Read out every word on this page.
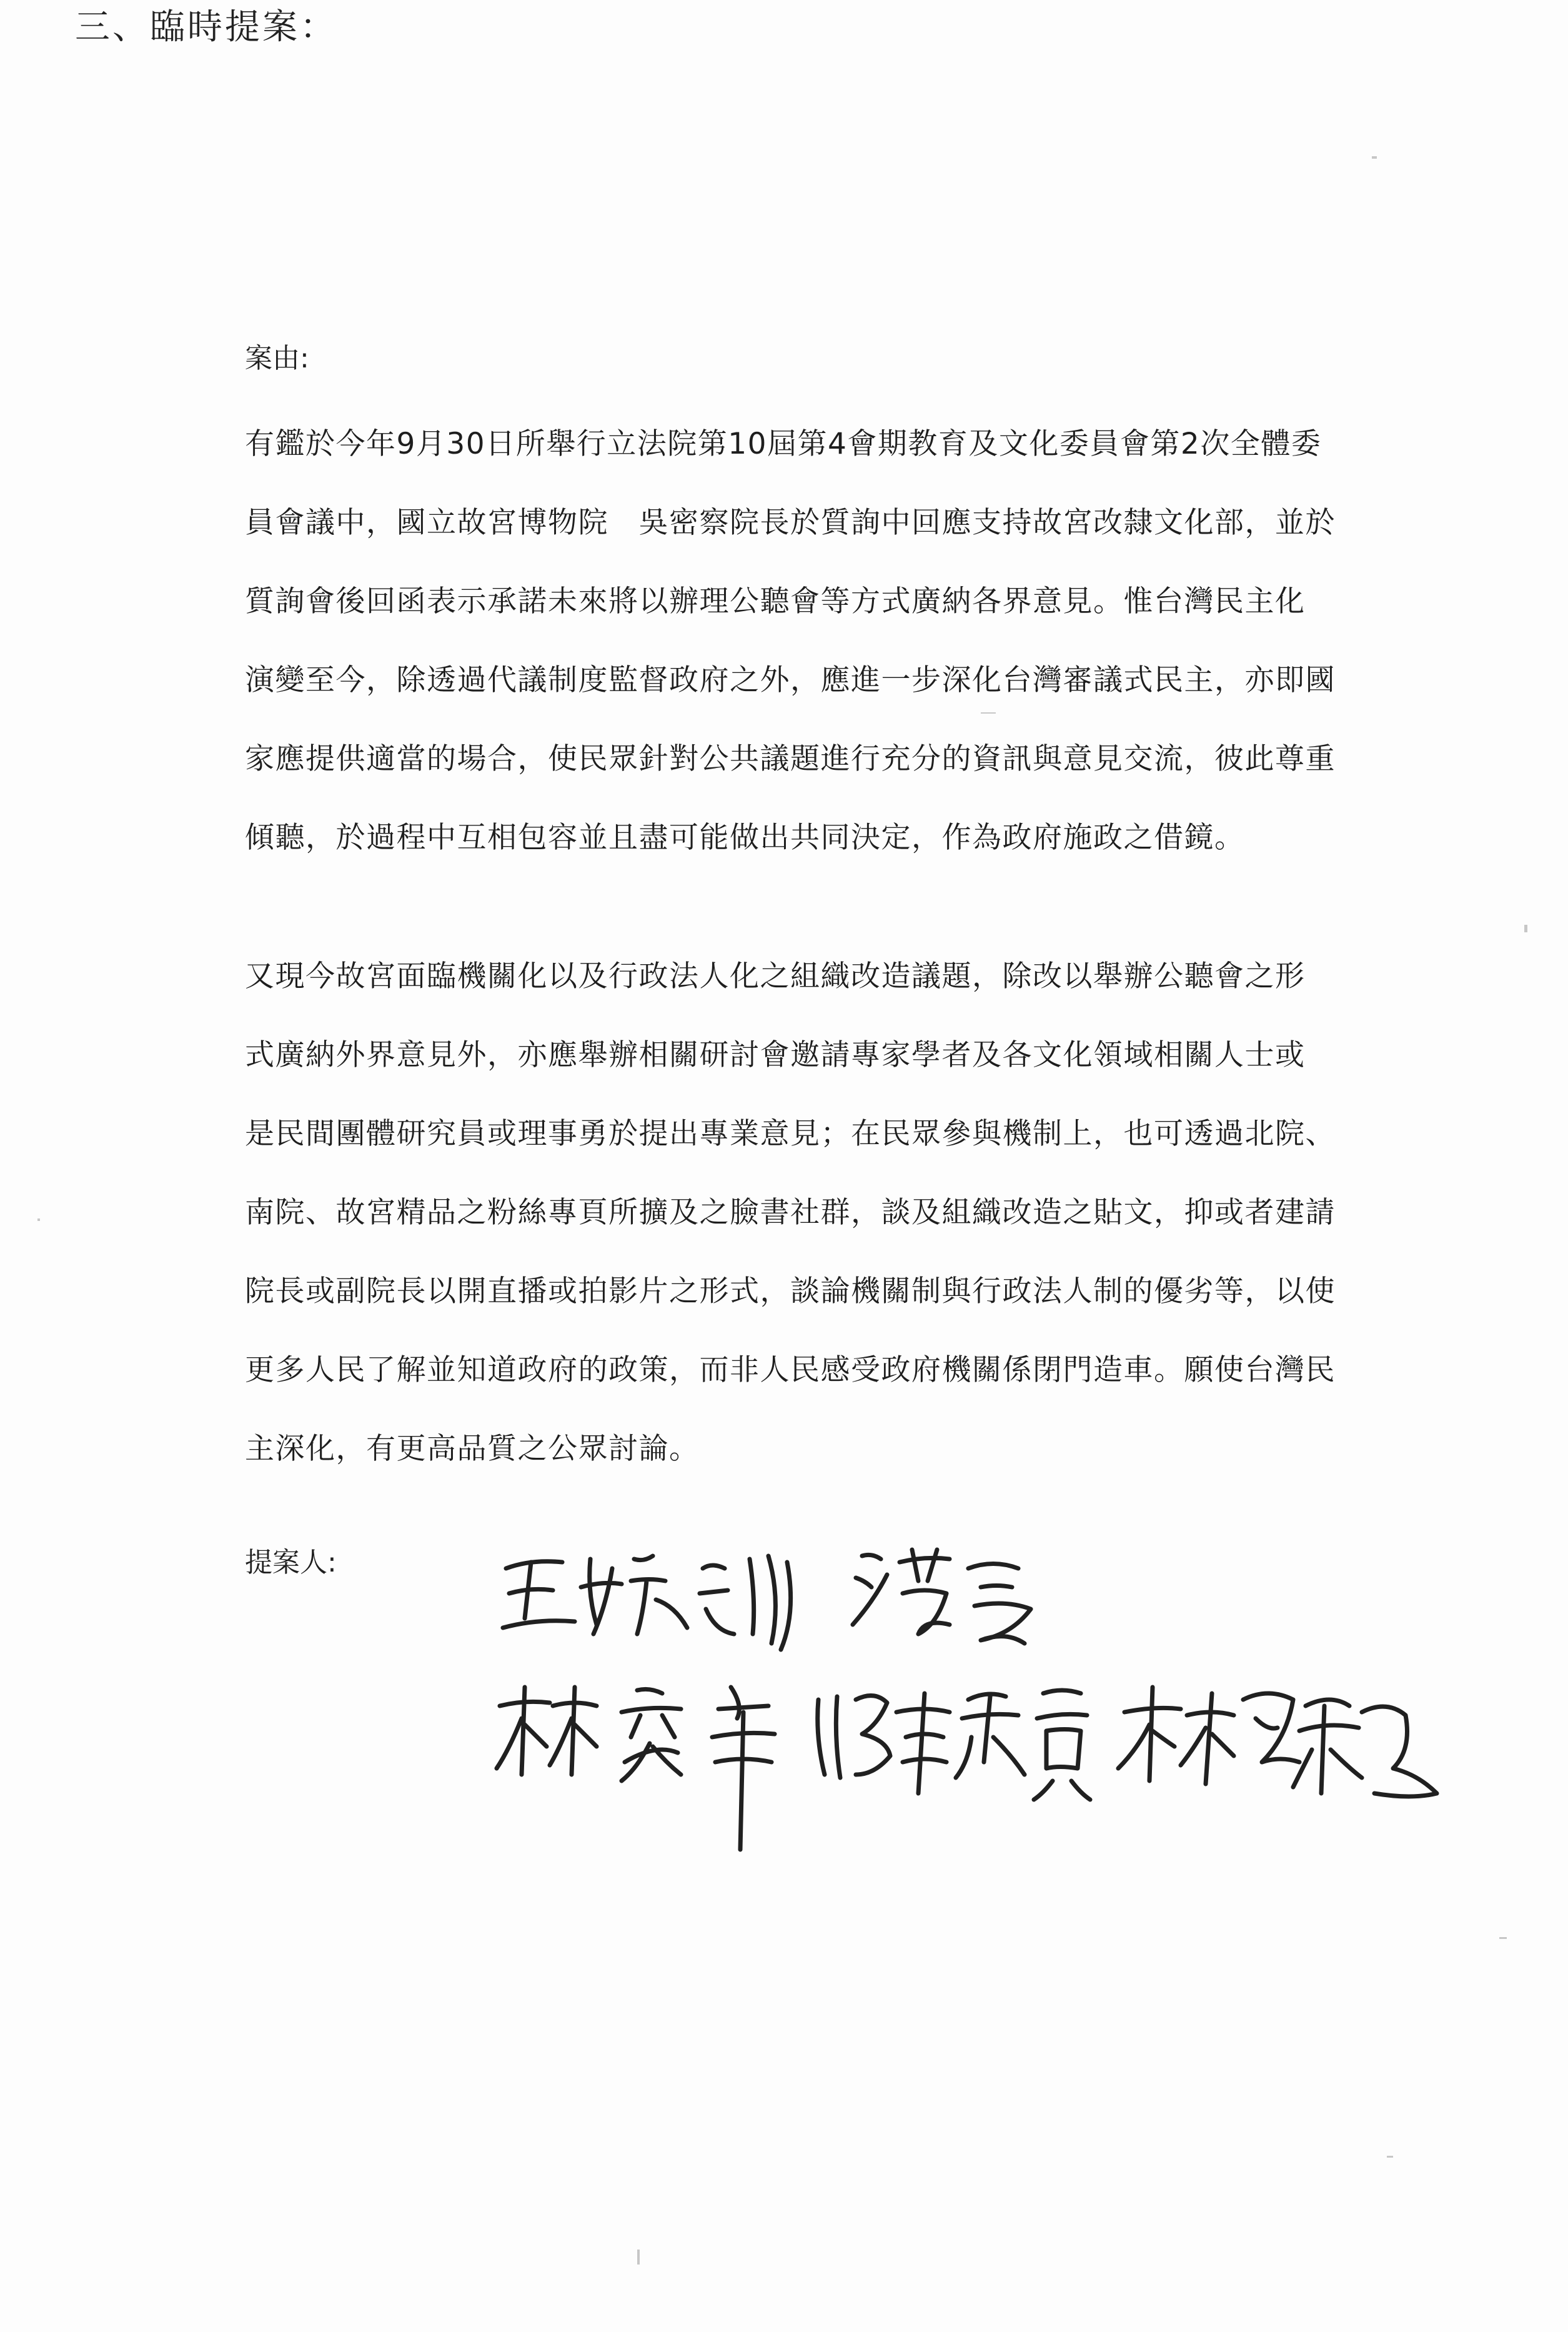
三、臨時提案：
案由:

有鑑於今年9月30日所舉行立法院第10屆第4會期教育及文化委員會第2次全體委
員會議中，國立故宮博物院　吳密察院長於質詢中回應支持故宮改隸文化部，並於
質詢會後回函表示承諾未來將以辦理公聽會等方式廣納各界意見。惟台灣民主化
演變至今，除透過代議制度監督政府之外，應進一步深化台灣審議式民主，亦即國
家應提供適當的場合，使民眾針對公共議題進行充分的資訊與意見交流，彼此尊重
傾聽，於過程中互相包容並且盡可能做出共同決定，作為政府施政之借鏡。

又現今故宮面臨機關化以及行政法人化之組織改造議題，除改以舉辦公聽會之形
式廣納外界意見外，亦應舉辦相關研討會邀請專家學者及各文化領域相關人士或
是民間團體研究員或理事勇於提出專業意見；在民眾參與機制上，也可透過北院、
南院、故宮精品之粉絲專頁所擴及之臉書社群，談及組織改造之貼文，抑或者建請
院長或副院長以開直播或拍影片之形式，談論機關制與行政法人制的優劣等，以使
更多人民了解並知道政府的政策，而非人民感受政府機關係閉門造車。願使台灣民
主深化，有更高品質之公眾討論。

提案人:
